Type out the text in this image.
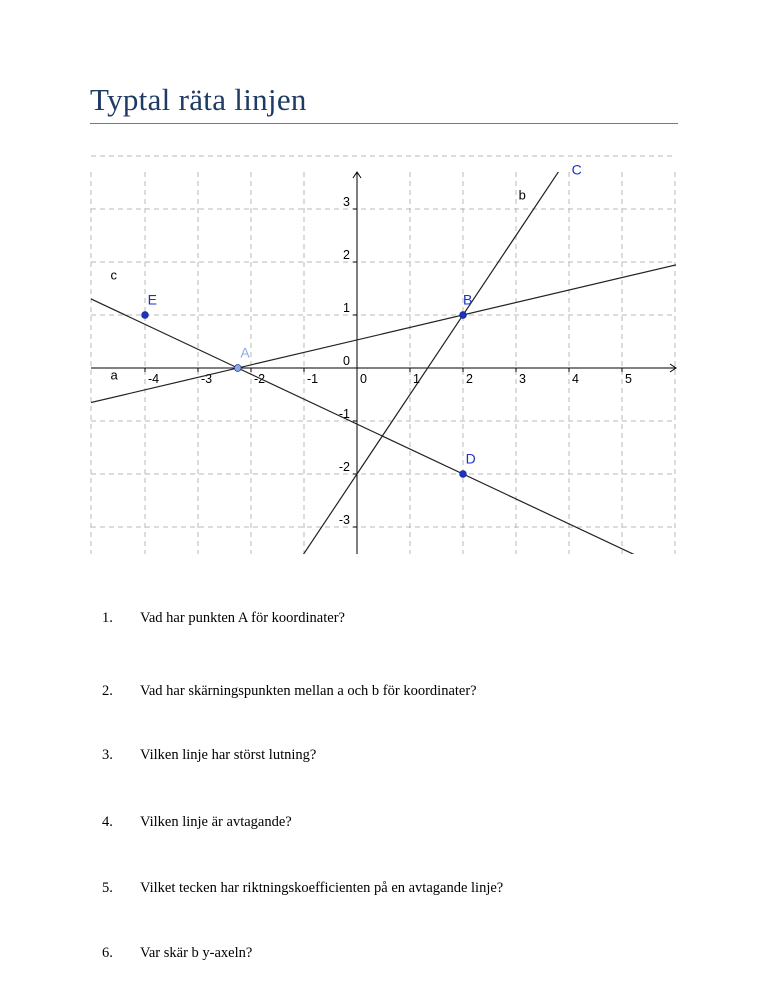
Typtal räta linjen
-4	-3	-2	-1	0	1	2	3	4	5
3
2
1
0
-1
-2
-3
a
b
c
A
B
C
D
E
1. Vad har punkten A för koordinater?
2. Vad har skärningspunkten mellan a och b för koordinater?
3. Vilken linje har störst lutning?
4. Vilken linje är avtagande?
5. Vilket tecken har riktningskoefficienten på en avtagande linje?
6. Var skär b y-axeln?
